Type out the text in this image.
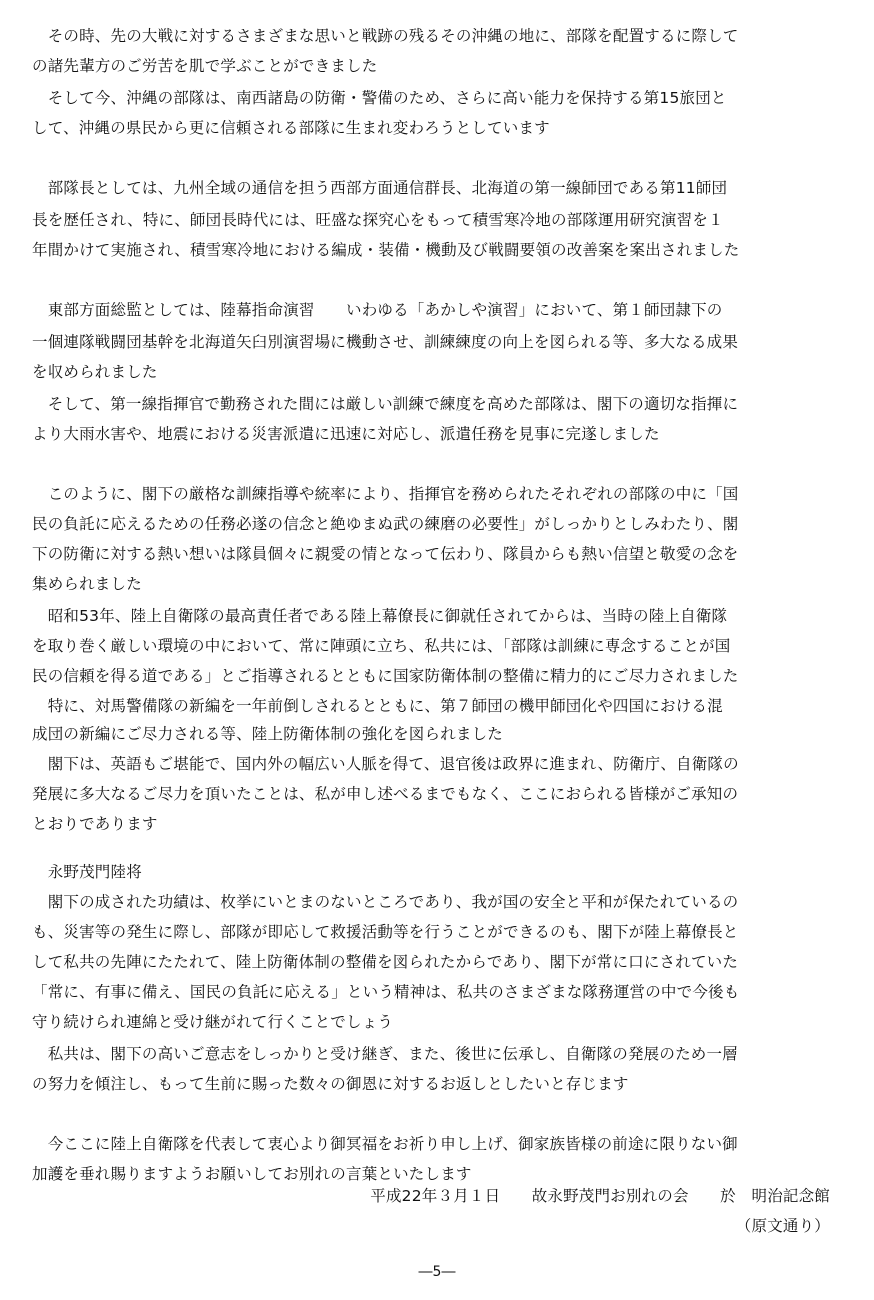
　その時、先の大戦に対するさまざまな思いと戦跡の残るその沖縄の地に、部隊を配置するに際して
の諸先輩方のご労苦を肌で学ぶことができました
　そして今、沖縄の部隊は、南西諸島の防衛・警備のため、さらに高い能力を保持する第15旅団と
して、沖縄の県民から更に信頼される部隊に生まれ変わろうとしています
　部隊長としては、九州全域の通信を担う西部方面通信群長、北海道の第一線師団である第11師団
長を歴任され、特に、師団長時代には、旺盛な探究心をもって積雪寒冷地の部隊運用研究演習を１
年間かけて実施され、積雪寒冷地における編成・装備・機動及び戦闘要領の改善案を案出されました
　東部方面総監としては、陸幕指命演習　　いわゆる「あかしや演習」において、第１師団隷下の
一個連隊戦闘団基幹を北海道矢臼別演習場に機動させ、訓練練度の向上を図られる等、多大なる成果
を収められました
　そして、第一線指揮官で勤務された間には厳しい訓練で練度を高めた部隊は、閣下の適切な指揮に
より大雨水害や、地震における災害派遣に迅速に対応し、派遣任務を見事に完遂しました
　このように、閣下の厳格な訓練指導や統率により、指揮官を務められたそれぞれの部隊の中に「国
民の負託に応えるための任務必遂の信念と絶ゆまぬ武の練磨の必要性」がしっかりとしみわたり、閣
下の防衛に対する熱い想いは隊員個々に親愛の情となって伝わり、隊員からも熱い信望と敬愛の念を
集められました
　昭和53年、陸上自衛隊の最高責任者である陸上幕僚長に御就任されてからは、当時の陸上自衛隊
を取り巻く厳しい環境の中において、常に陣頭に立ち、私共には、「部隊は訓練に専念することが国
民の信頼を得る道である」とご指導されるとともに国家防衛体制の整備に精力的にご尽力されました
　特に、対馬警備隊の新編を一年前倒しされるとともに、第７師団の機甲師団化や四国における混
成団の新編にご尽力される等、陸上防衛体制の強化を図られました
　閣下は、英語もご堪能で、国内外の幅広い人脈を得て、退官後は政界に進まれ、防衛庁、自衛隊の
発展に多大なるご尽力を頂いたことは、私が申し述べるまでもなく、ここにおられる皆様がご承知の
とおりであります
　永野茂門陸将
　閣下の成された功績は、枚挙にいとまのないところであり、我が国の安全と平和が保たれているの
も、災害等の発生に際し、部隊が即応して救援活動等を行うことができるのも、閣下が陸上幕僚長と
して私共の先陣にたたれて、陸上防衛体制の整備を図られたからであり、閣下が常に口にされていた
「常に、有事に備え、国民の負託に応える」という精神は、私共のさまざまな隊務運営の中で今後も
守り続けられ連綿と受け継がれて行くことでしょう
　私共は、閣下の高いご意志をしっかりと受け継ぎ、また、後世に伝承し、自衛隊の発展のため一層
の努力を傾注し、もって生前に賜った数々の御恩に対するお返しとしたいと存じます
　今ここに陸上自衛隊を代表して衷心より御冥福をお祈り申し上げ、御家族皆様の前途に限りない御
加護を垂れ賜りますようお願いしてお別れの言葉といたします
平成22年３月１日　　故永野茂門お別れの会　　於　明治記念館
（原文通り）
―5―
